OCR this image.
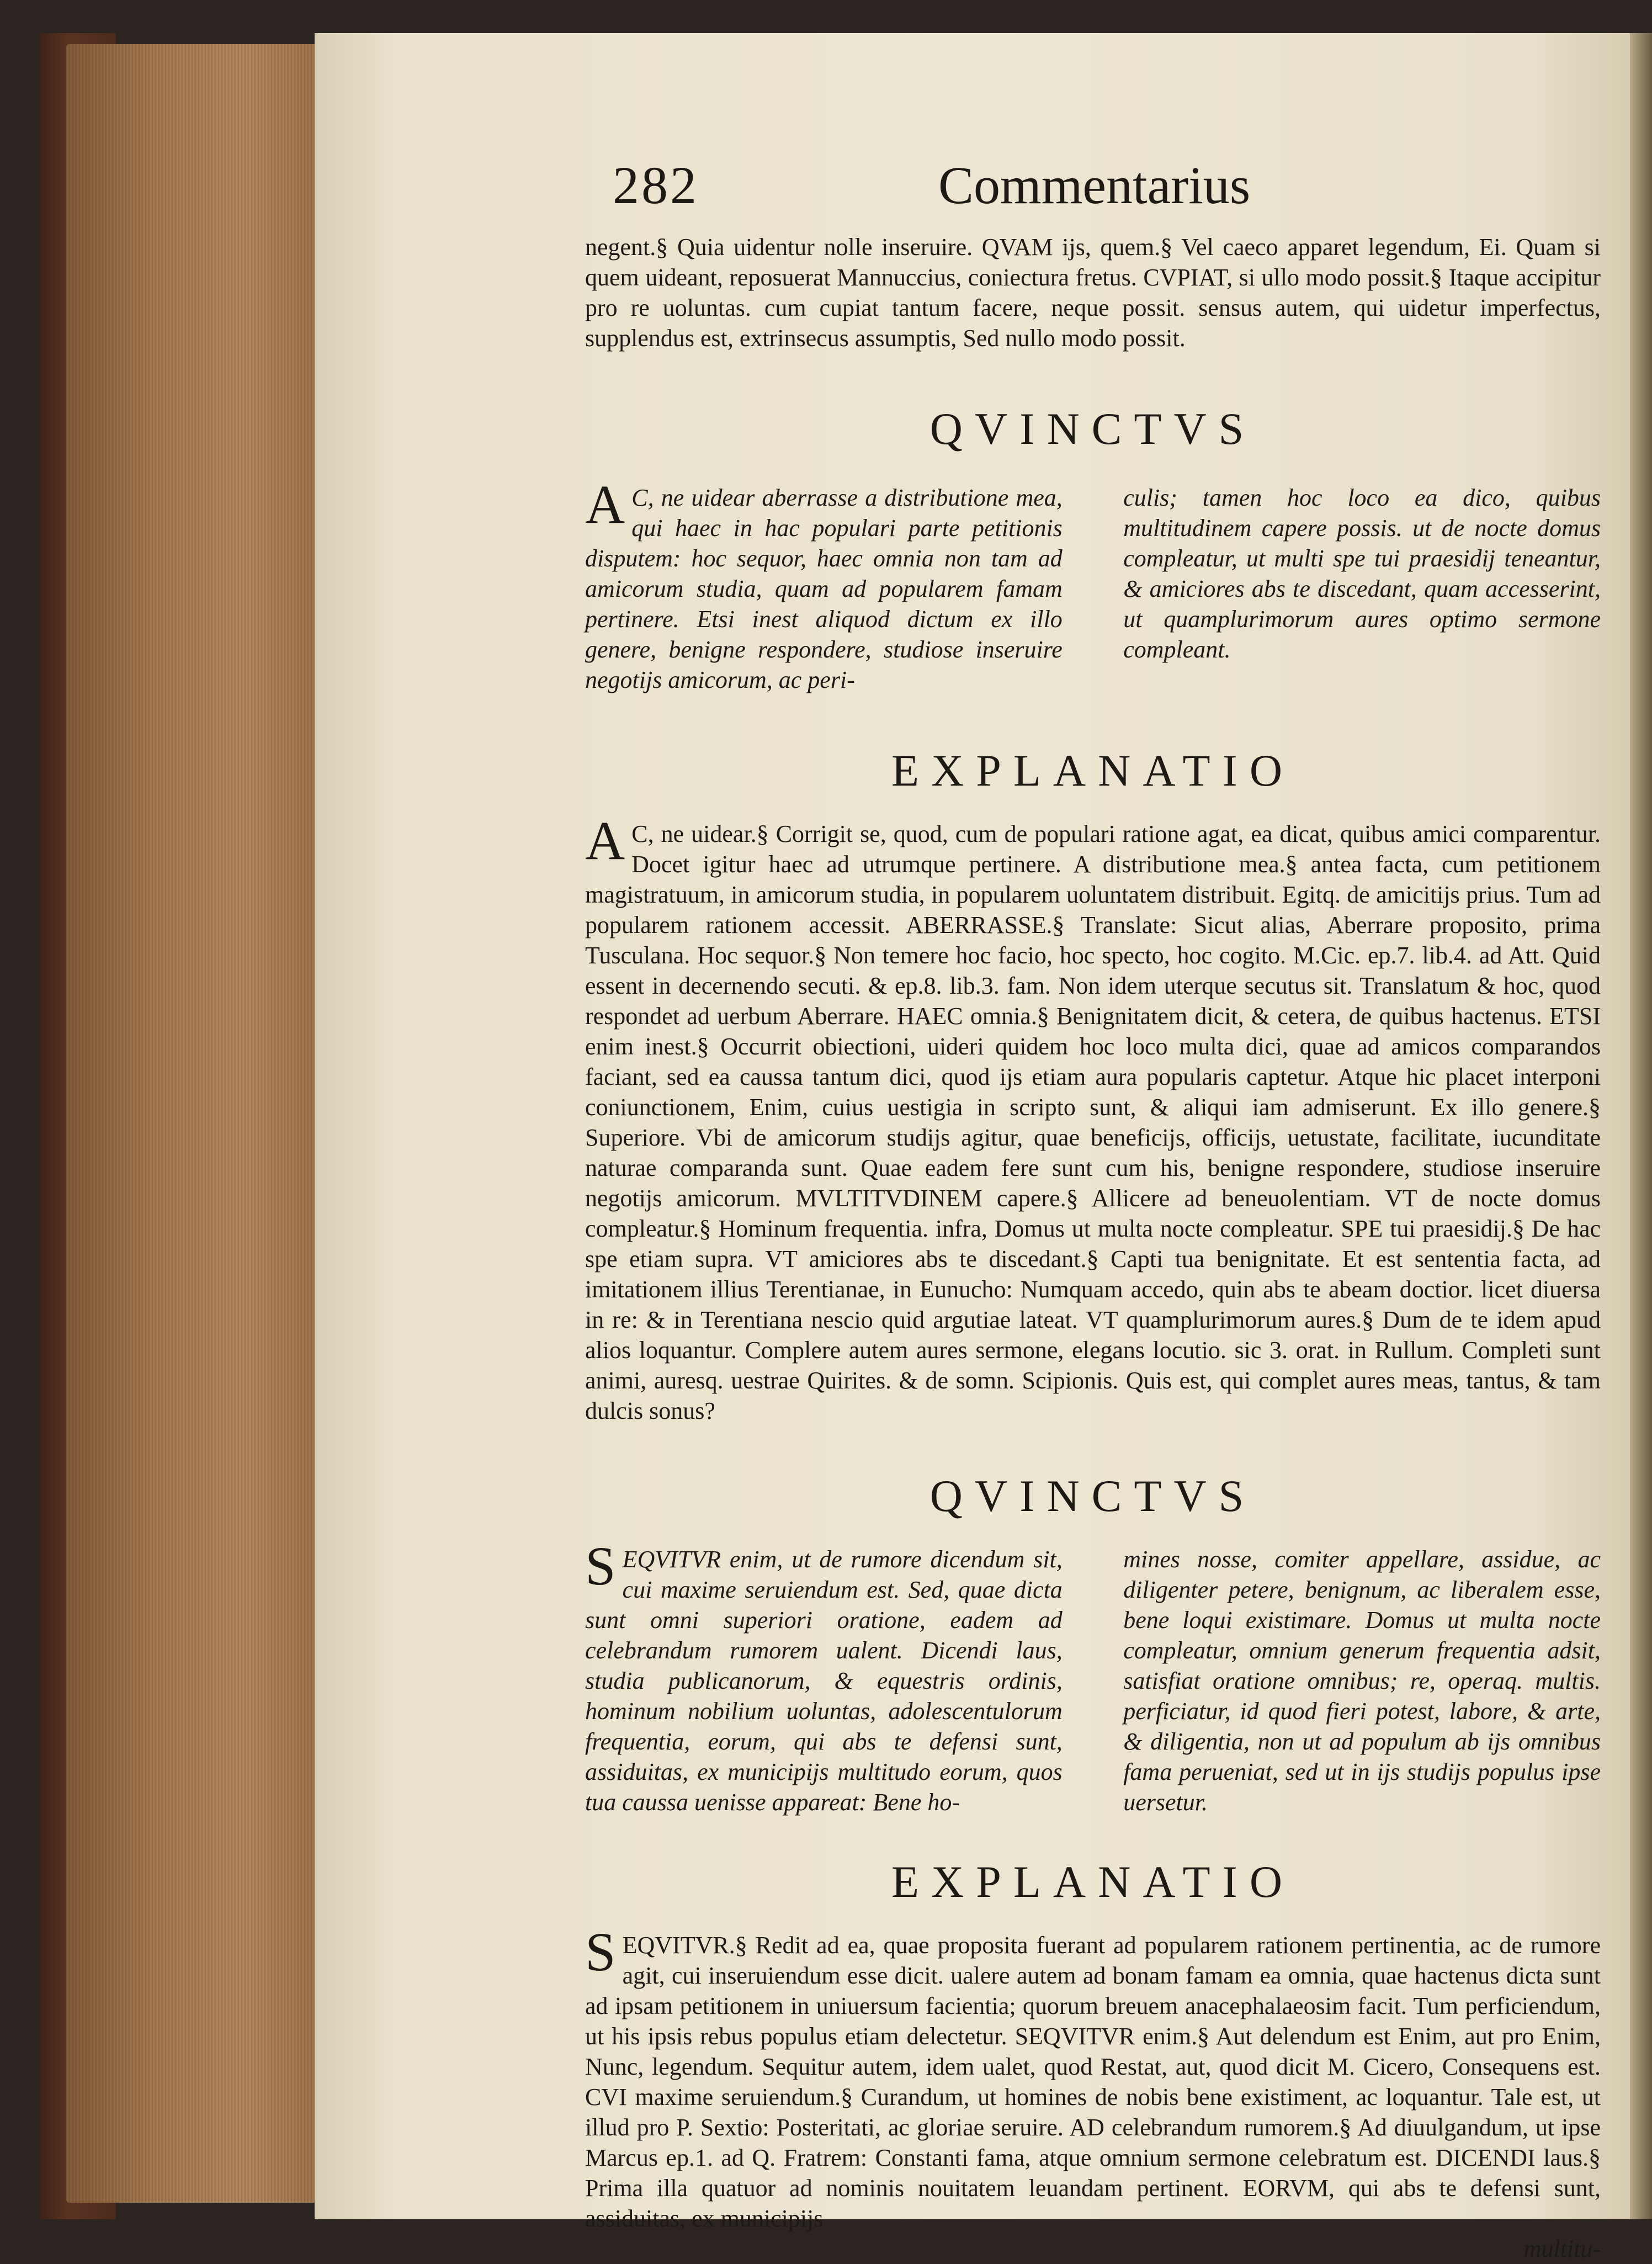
282	Commentarius

negent.§ Quia uidentur nolle inseruire. QVAM ijs, quem.§ Vel caeco apparet legendum, Ei. Quam si quem uideant, reposuerat Mannuccius, coniectura fretus. CVPIAT, si ullo modo possit.§ Itaque accipitur pro re uoluntas. cum cupiat tantum facere, neque possit. sensus autem, qui uidetur imperfectus, supplendus est, extrinsecus assumptis, Sed nullo modo possit.

QVINCTVS

A C, ne uidear aberrasse a distributione mea, qui haec in hac populari parte petitionis disputem: hoc sequor, haec omnia non tam ad amicorum studia, quam ad popularem famam pertinere. Etsi inest aliquod dictum ex illo genere, benigne respondere, studiose inseruire negotijs amicorum, ac peri-
culis; tamen hoc loco ea dico, quibus multitudinem capere possis. ut de nocte domus compleatur, ut multi spe tui praesidij teneantur, & amiciores abs te discedant, quam accesserint, ut quamplurimorum aures optimo sermone compleant.

EXPLANATIO

A C, ne uidear.§ Corrigit se, quod, cum de populari ratione agat, ea dicat, quibus amici comparentur. Docet igitur haec ad utrumque pertinere. A distributione mea.§ antea facta, cum petitionem magistratuum, in amicorum studia, in popularem uoluntatem distribuit. Egitq. de amicitijs prius. Tum ad popularem rationem accessit. ABERRASSE.§ Translate: Sicut alias, Aberrare proposito, prima Tusculana. Hoc sequor.§ Non temere hoc facio, hoc specto, hoc cogito. M.Cic. ep.7. lib.4. ad Att. Quid essent in decernendo secuti. & ep.8. lib.3. fam. Non idem uterque secutus sit. Translatum & hoc, quod respondet ad uerbum Aberrare. HAEC omnia.§ Benignitatem dicit, & cetera, de quibus hactenus. ETSI enim inest.§ Occurrit obiectioni, uideri quidem hoc loco multa dici, quae ad amicos comparandos faciant, sed ea caussa tantum dici, quod ijs etiam aura popularis captetur. Atque hic placet interponi coniunctionem, Enim, cuius uestigia in scripto sunt, & aliqui iam admiserunt. Ex illo genere.§ Superiore. Vbi de amicorum studijs agitur, quae beneficijs, officijs, uetustate, facilitate, iucunditate naturae comparanda sunt. Quae eadem fere sunt cum his, benigne respondere, studiose inseruire negotijs amicorum. MVLTITVDINEM capere.§ Allicere ad beneuolentiam. VT de nocte domus compleatur.§ Hominum frequentia. infra, Domus ut multa nocte compleatur. SPE tui praesidij.§ De hac spe etiam supra. VT amiciores abs te discedant.§ Capti tua benignitate. Et est sententia facta, ad imitationem illius Terentianae, in Eunucho: Numquam accedo, quin abs te abeam doctior. licet diuersa in re: & in Terentiana nescio quid argutiae lateat. VT quamplurimorum aures.§ Dum de te idem apud alios loquantur. Complere autem aures sermone, elegans locutio. sic 3. orat. in Rullum. Completi sunt animi, auresq. uestrae Quirites. & de somn. Scipionis. Quis est, qui complet aures meas, tantus, & tam dulcis sonus?

QVINCTVS

S EQVITVR enim, ut de rumore dicendum sit, cui maxime seruiendum est. Sed, quae dicta sunt omni superiori oratione, eadem ad celebrandum rumorem ualent. Dicendi laus, studia publicanorum, & equestris ordinis, hominum nobilium uoluntas, adolescentulorum frequentia, eorum, qui abs te defensi sunt, assiduitas, ex municipijs multitudo eorum, quos tua caussa uenisse appareat: Bene ho-
mines nosse, comiter appellare, assidue, ac diligenter petere, benignum, ac liberalem esse, bene loqui existimare. Domus ut multa nocte compleatur, omnium generum frequentia adsit, satisfiat oratione omnibus; re, operaq. multis. perficiatur, id quod fieri potest, labore, & arte, & diligentia, non ut ad populum ab ijs omnibus fama perueniat, sed ut in ijs studijs populus ipse uersetur.

EXPLANATIO

S EQVITVR.§ Redit ad ea, quae proposita fuerant ad popularem rationem pertinentia, ac de rumore agit, cui inseruiendum esse dicit. ualere autem ad bonam famam ea omnia, quae hactenus dicta sunt ad ipsam petitionem in uniuersum facientia; quorum breuem anacephalaeosim facit. Tum perficiendum, ut his ipsis rebus populus etiam delectetur. SEQVITVR enim.§ Aut delendum est Enim, aut pro Enim, Nunc, legendum. Sequitur autem, idem ualet, quod Restat, aut, quod dicit M. Cicero, Consequens est. CVI maxime seruiendum.§ Curandum, ut homines de nobis bene existiment, ac loquantur. Tale est, ut illud pro P. Sextio: Posteritati, ac gloriae seruire. AD celebrandum rumorem.§ Ad diuulgandum, ut ipse Marcus ep.1. ad Q. Fratrem: Constanti fama, atque omnium sermone celebratum est. DICENDI laus.§ Prima illa quatuor ad nominis nouitatem leuandam pertinent. EORVM, qui abs te defensi sunt, assiduitas, ex municipijs

multitu-
